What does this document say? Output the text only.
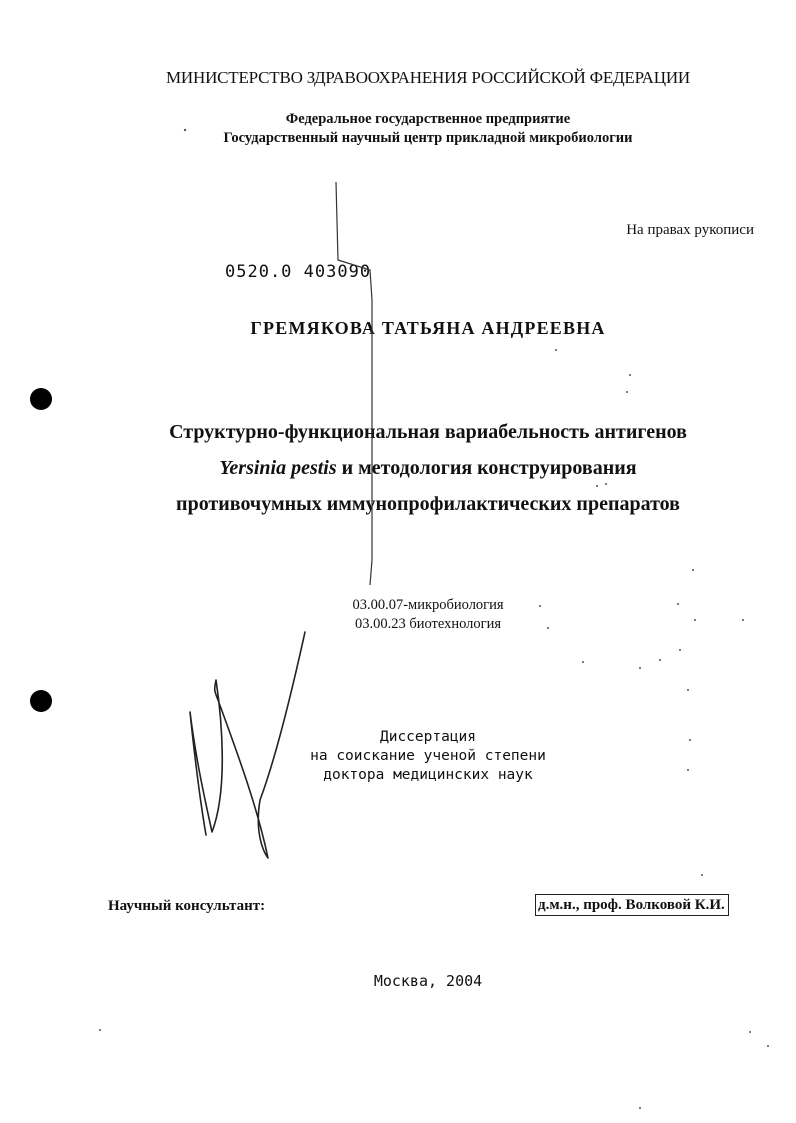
МИНИСТЕРСТВО ЗДРАВООХРАНЕНИЯ РОССИЙСКОЙ ФЕДЕРАЦИИ
Федеральное государственное предприятие
Государственный научный центр прикладной микробиологии
На правах рукописи
0520.0 403090
ГРЕМЯКОВА ТАТЬЯНА АНДРЕЕВНА
Структурно-функциональная вариабельность антигенов
Yersinia pestis и методология конструирования
противочумных иммунопрофилактических препаратов
03.00.07-микробиология
03.00.23 биотехнология
Диссертация
на соискание ученой степени
доктора медицинских наук
Научный консультант:	д.м.н., проф. Волковой К.И.
Москва, 2004
